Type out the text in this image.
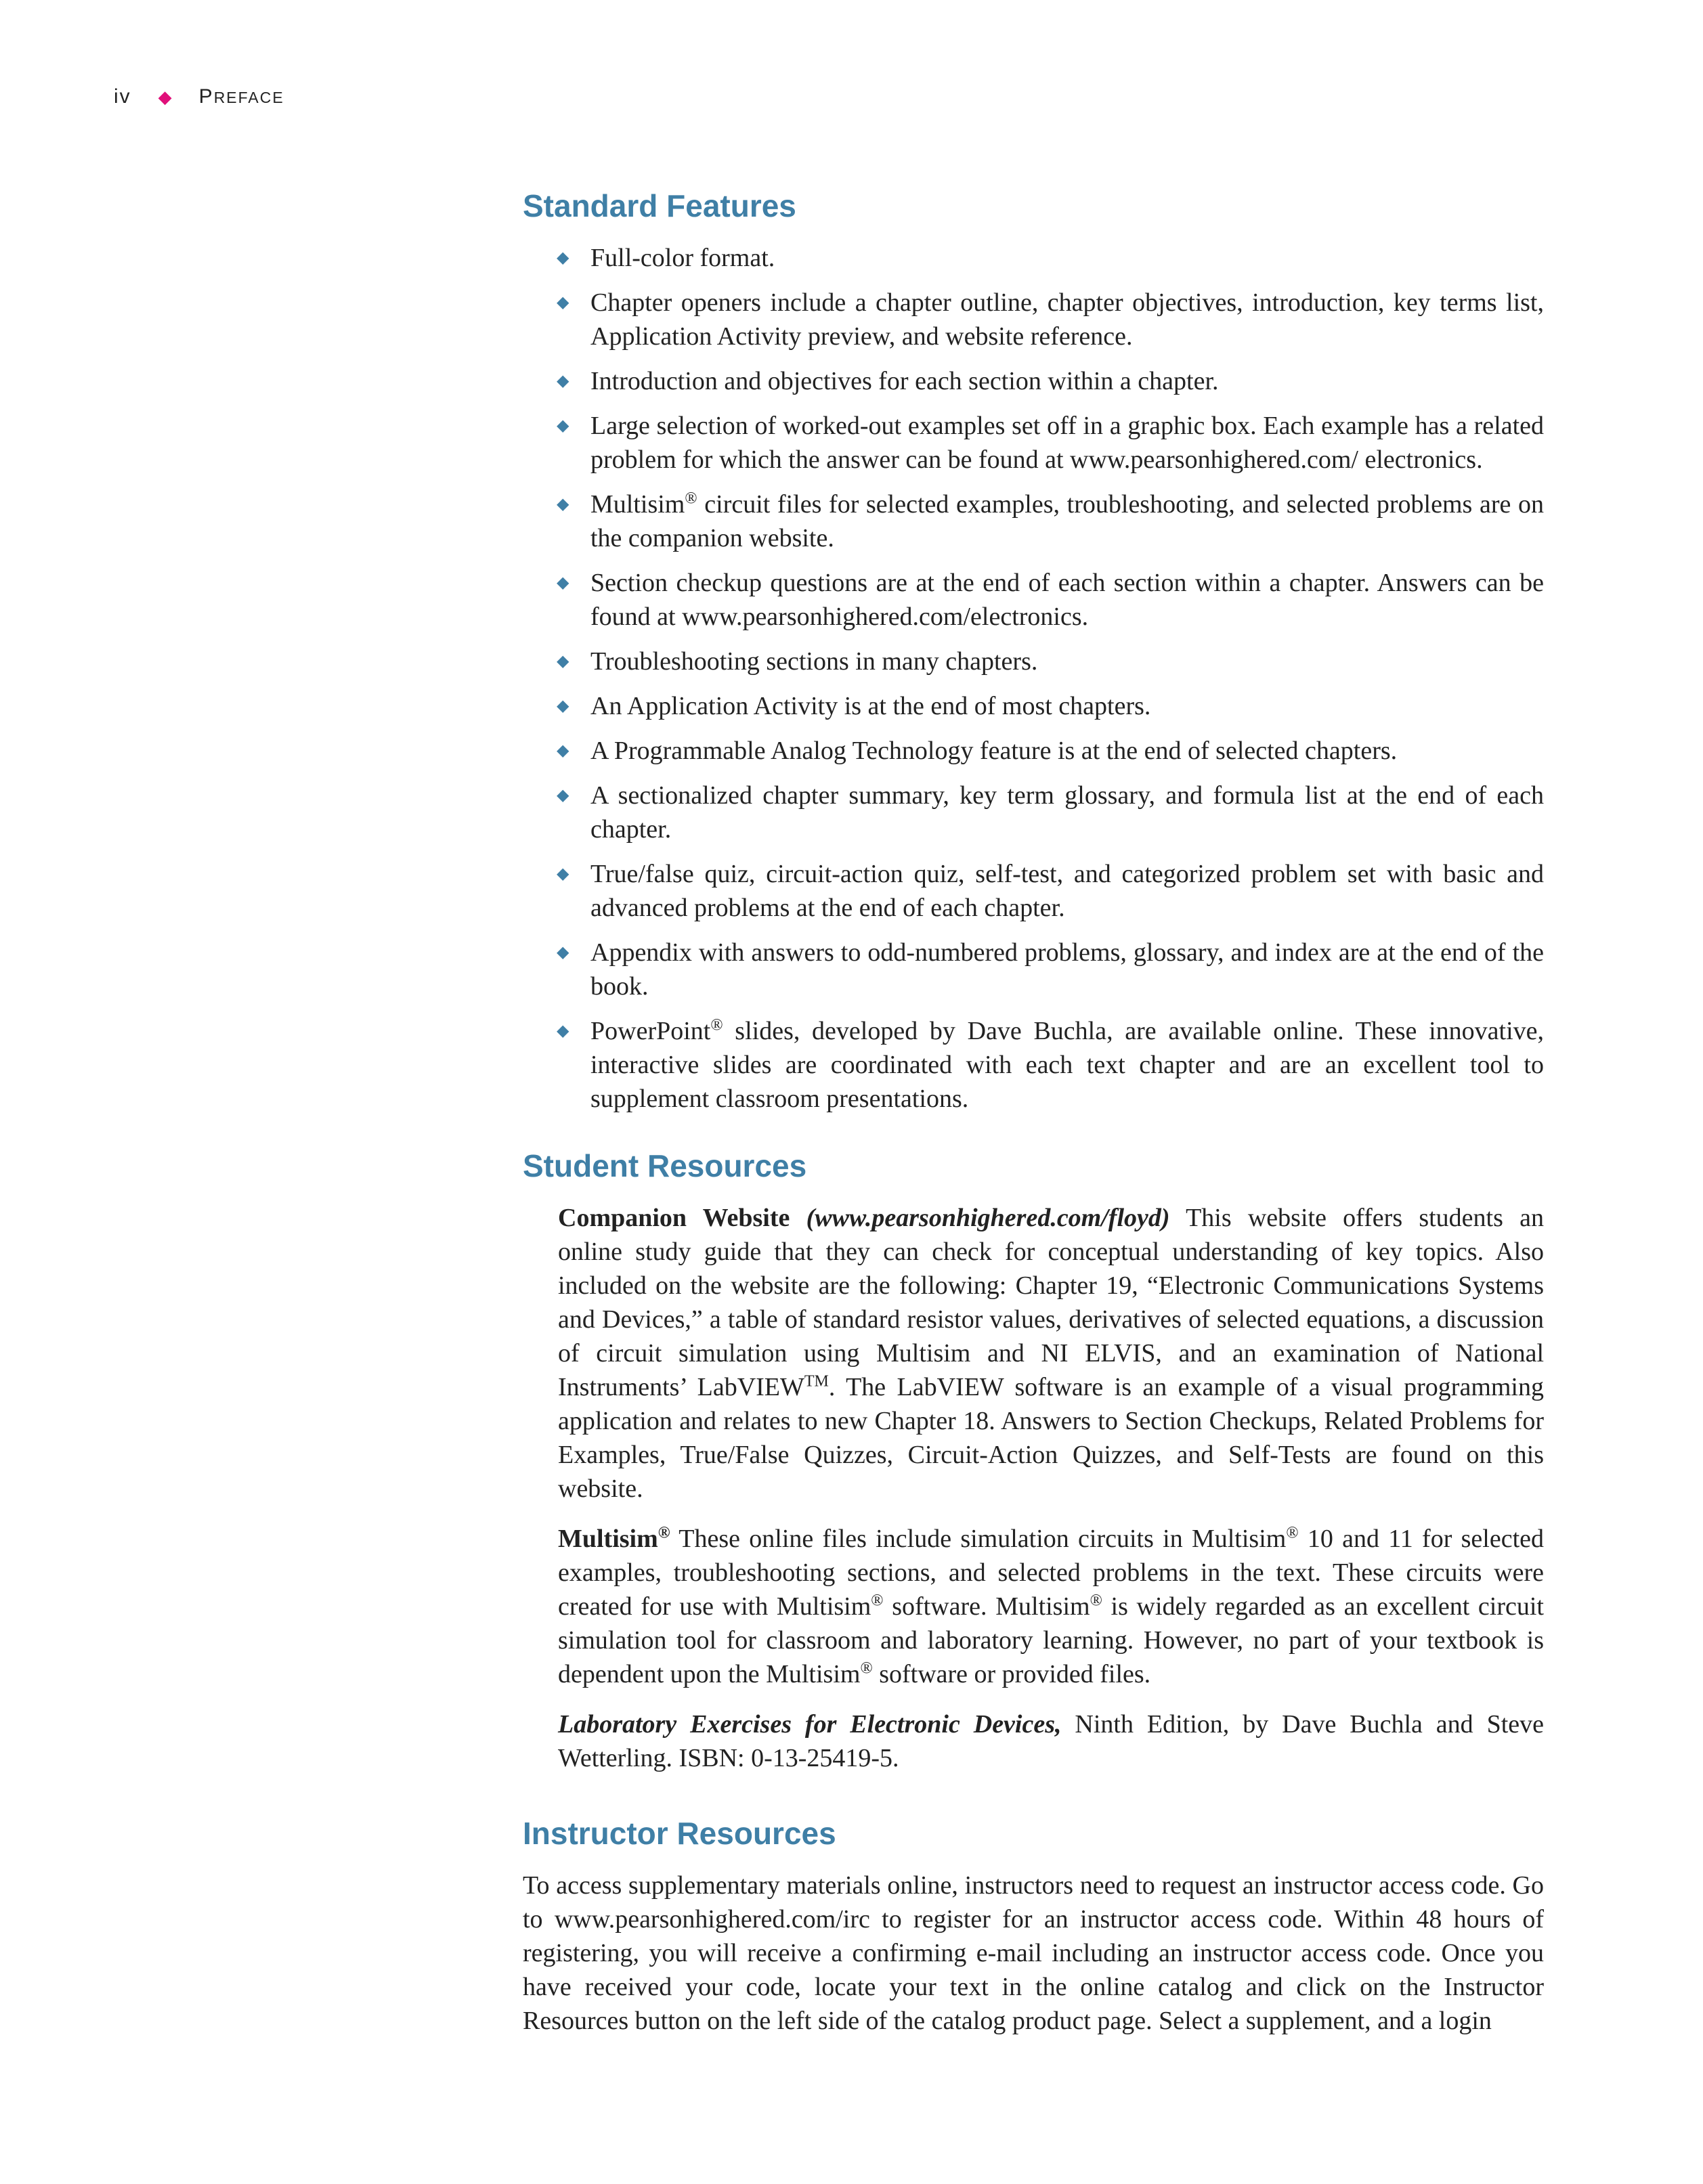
iv ◆ PREFACE
Standard Features
◆ Full-color format.
◆ Chapter openers include a chapter outline, chapter objectives, introduction, key terms list, Application Activity preview, and website reference.
◆ Introduction and objectives for each section within a chapter.
◆ Large selection of worked-out examples set off in a graphic box. Each example has a related problem for which the answer can be found at www.pearsonhighered.com/ electronics.
◆ Multisim® circuit files for selected examples, troubleshooting, and selected problems are on the companion website.
◆ Section checkup questions are at the end of each section within a chapter. Answers can be found at www.pearsonhighered.com/electronics.
◆ Troubleshooting sections in many chapters.
◆ An Application Activity is at the end of most chapters.
◆ A Programmable Analog Technology feature is at the end of selected chapters.
◆ A sectionalized chapter summary, key term glossary, and formula list at the end of each chapter.
◆ True/false quiz, circuit-action quiz, self-test, and categorized problem set with basic and advanced problems at the end of each chapter.
◆ Appendix with answers to odd-numbered problems, glossary, and index are at the end of the book.
◆ PowerPoint® slides, developed by Dave Buchla, are available online. These innovative, interactive slides are coordinated with each text chapter and are an excellent tool to supplement classroom presentations.
Student Resources

Companion Website (www.pearsonhighered.com/floyd) This website offers students an online study guide that they can check for conceptual understanding of key topics. Also included on the website are the following: Chapter 19, “Electronic Communications Systems and Devices,” a table of standard resistor values, derivatives of selected equations, a discussion of circuit simulation using Multisim and NI ELVIS, and an examination of National Instruments’ LabVIEW™. The LabVIEW software is an example of a visual programming application and relates to new Chapter 18. Answers to Section Checkups, Related Problems for Examples, True/False Quizzes, Circuit-Action Quizzes, and Self-Tests are found on this website.

Multisim® These online files include simulation circuits in Multisim® 10 and 11 for selected examples, troubleshooting sections, and selected problems in the text. These circuits were created for use with Multisim® software. Multisim® is widely regarded as an excellent circuit simulation tool for classroom and laboratory learning. However, no part of your textbook is dependent upon the Multisim® software or provided files.

Laboratory Exercises for Electronic Devices, Ninth Edition, by Dave Buchla and Steve Wetterling. ISBN: 0-13-25419-5.

Instructor Resources

To access supplementary materials online, instructors need to request an instructor access code. Go to www.pearsonhighered.com/irc to register for an instructor access code. Within 48 hours of registering, you will receive a confirming e-mail including an instructor access code. Once you have received your code, locate your text in the online catalog and click on the Instructor Resources button on the left side of the catalog product page. Select a supplement, and a login
